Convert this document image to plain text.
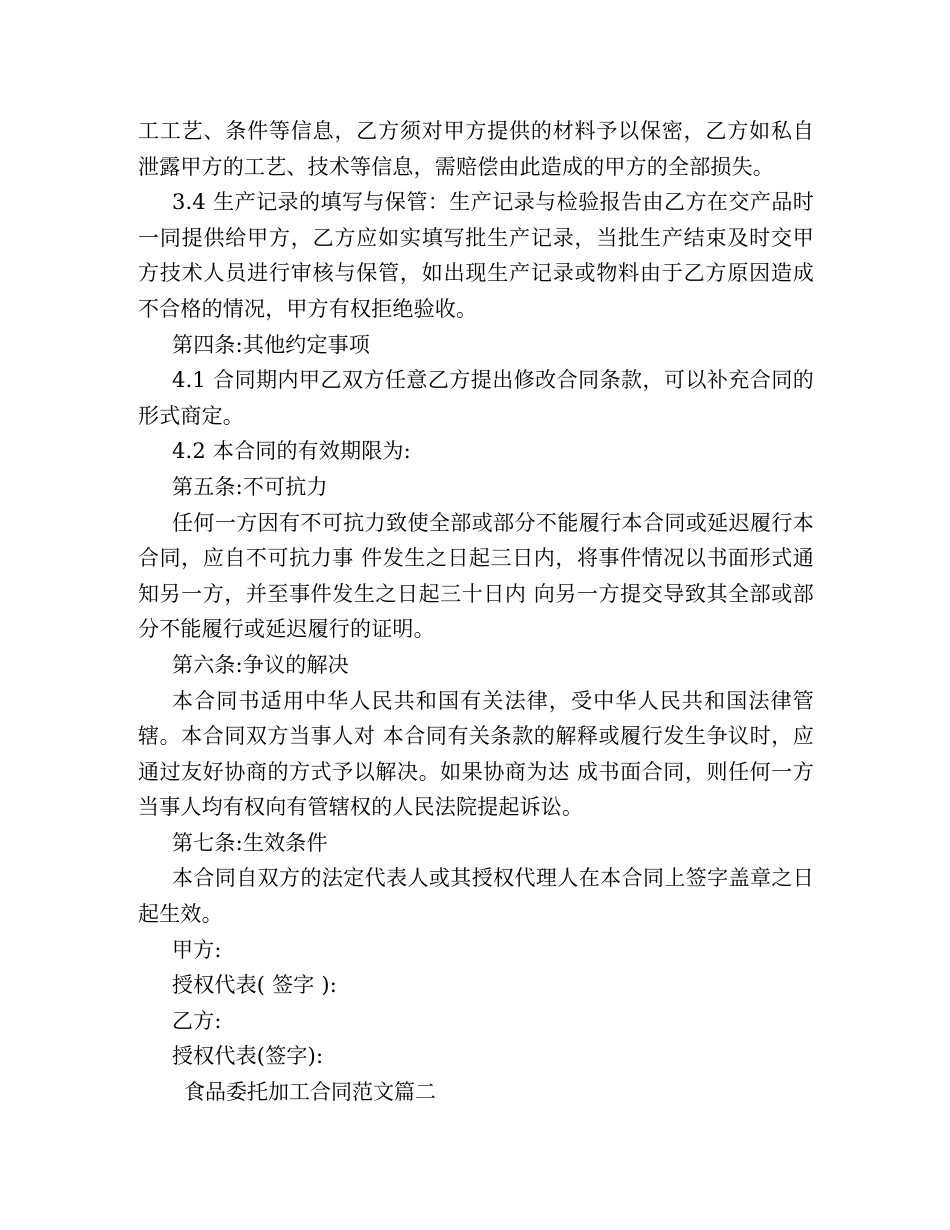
工工艺、条件等信息，乙方须对甲方提供的材料予以保密，乙方如私自泄露甲方的工艺、技术等信息，需赔偿由此造成的甲方的全部损失。

3.4 生产记录的填写与保管：生产记录与检验报告由乙方在交产品时一同提供给甲方，乙方应如实填写批生产记录，当批生产结束及时交甲方技术人员进行审核与保管，如出现生产记录或物料由于乙方原因造成不合格的情况，甲方有权拒绝验收。

第四条:其他约定事项

4.1 合同期内甲乙双方任意乙方提出修改合同条款，可以补充合同的形式商定。

4.2 本合同的有效期限为:

第五条:不可抗力

任何一方因有不可抗力致使全部或部分不能履行本合同或延迟履行本合同，应自不可抗力事 件发生之日起三日内，将事件情况以书面形式通知另一方，并至事件发生之日起三十日内 向另一方提交导致其全部或部分不能履行或延迟履行的证明。

第六条:争议的解决

本合同书适用中华人民共和国有关法律，受中华人民共和国法律管辖。本合同双方当事人对 本合同有关条款的解释或履行发生争议时，应通过友好协商的方式予以解决。如果协商为达 成书面合同，则任何一方当事人均有权向有管辖权的人民法院提起诉讼。

第七条:生效条件

本合同自双方的法定代表人或其授权代理人在本合同上签字盖章之日起生效。

甲方:

授权代表( 签字 ):

乙方:

授权代表(签字):

食品委托加工合同范文篇二
